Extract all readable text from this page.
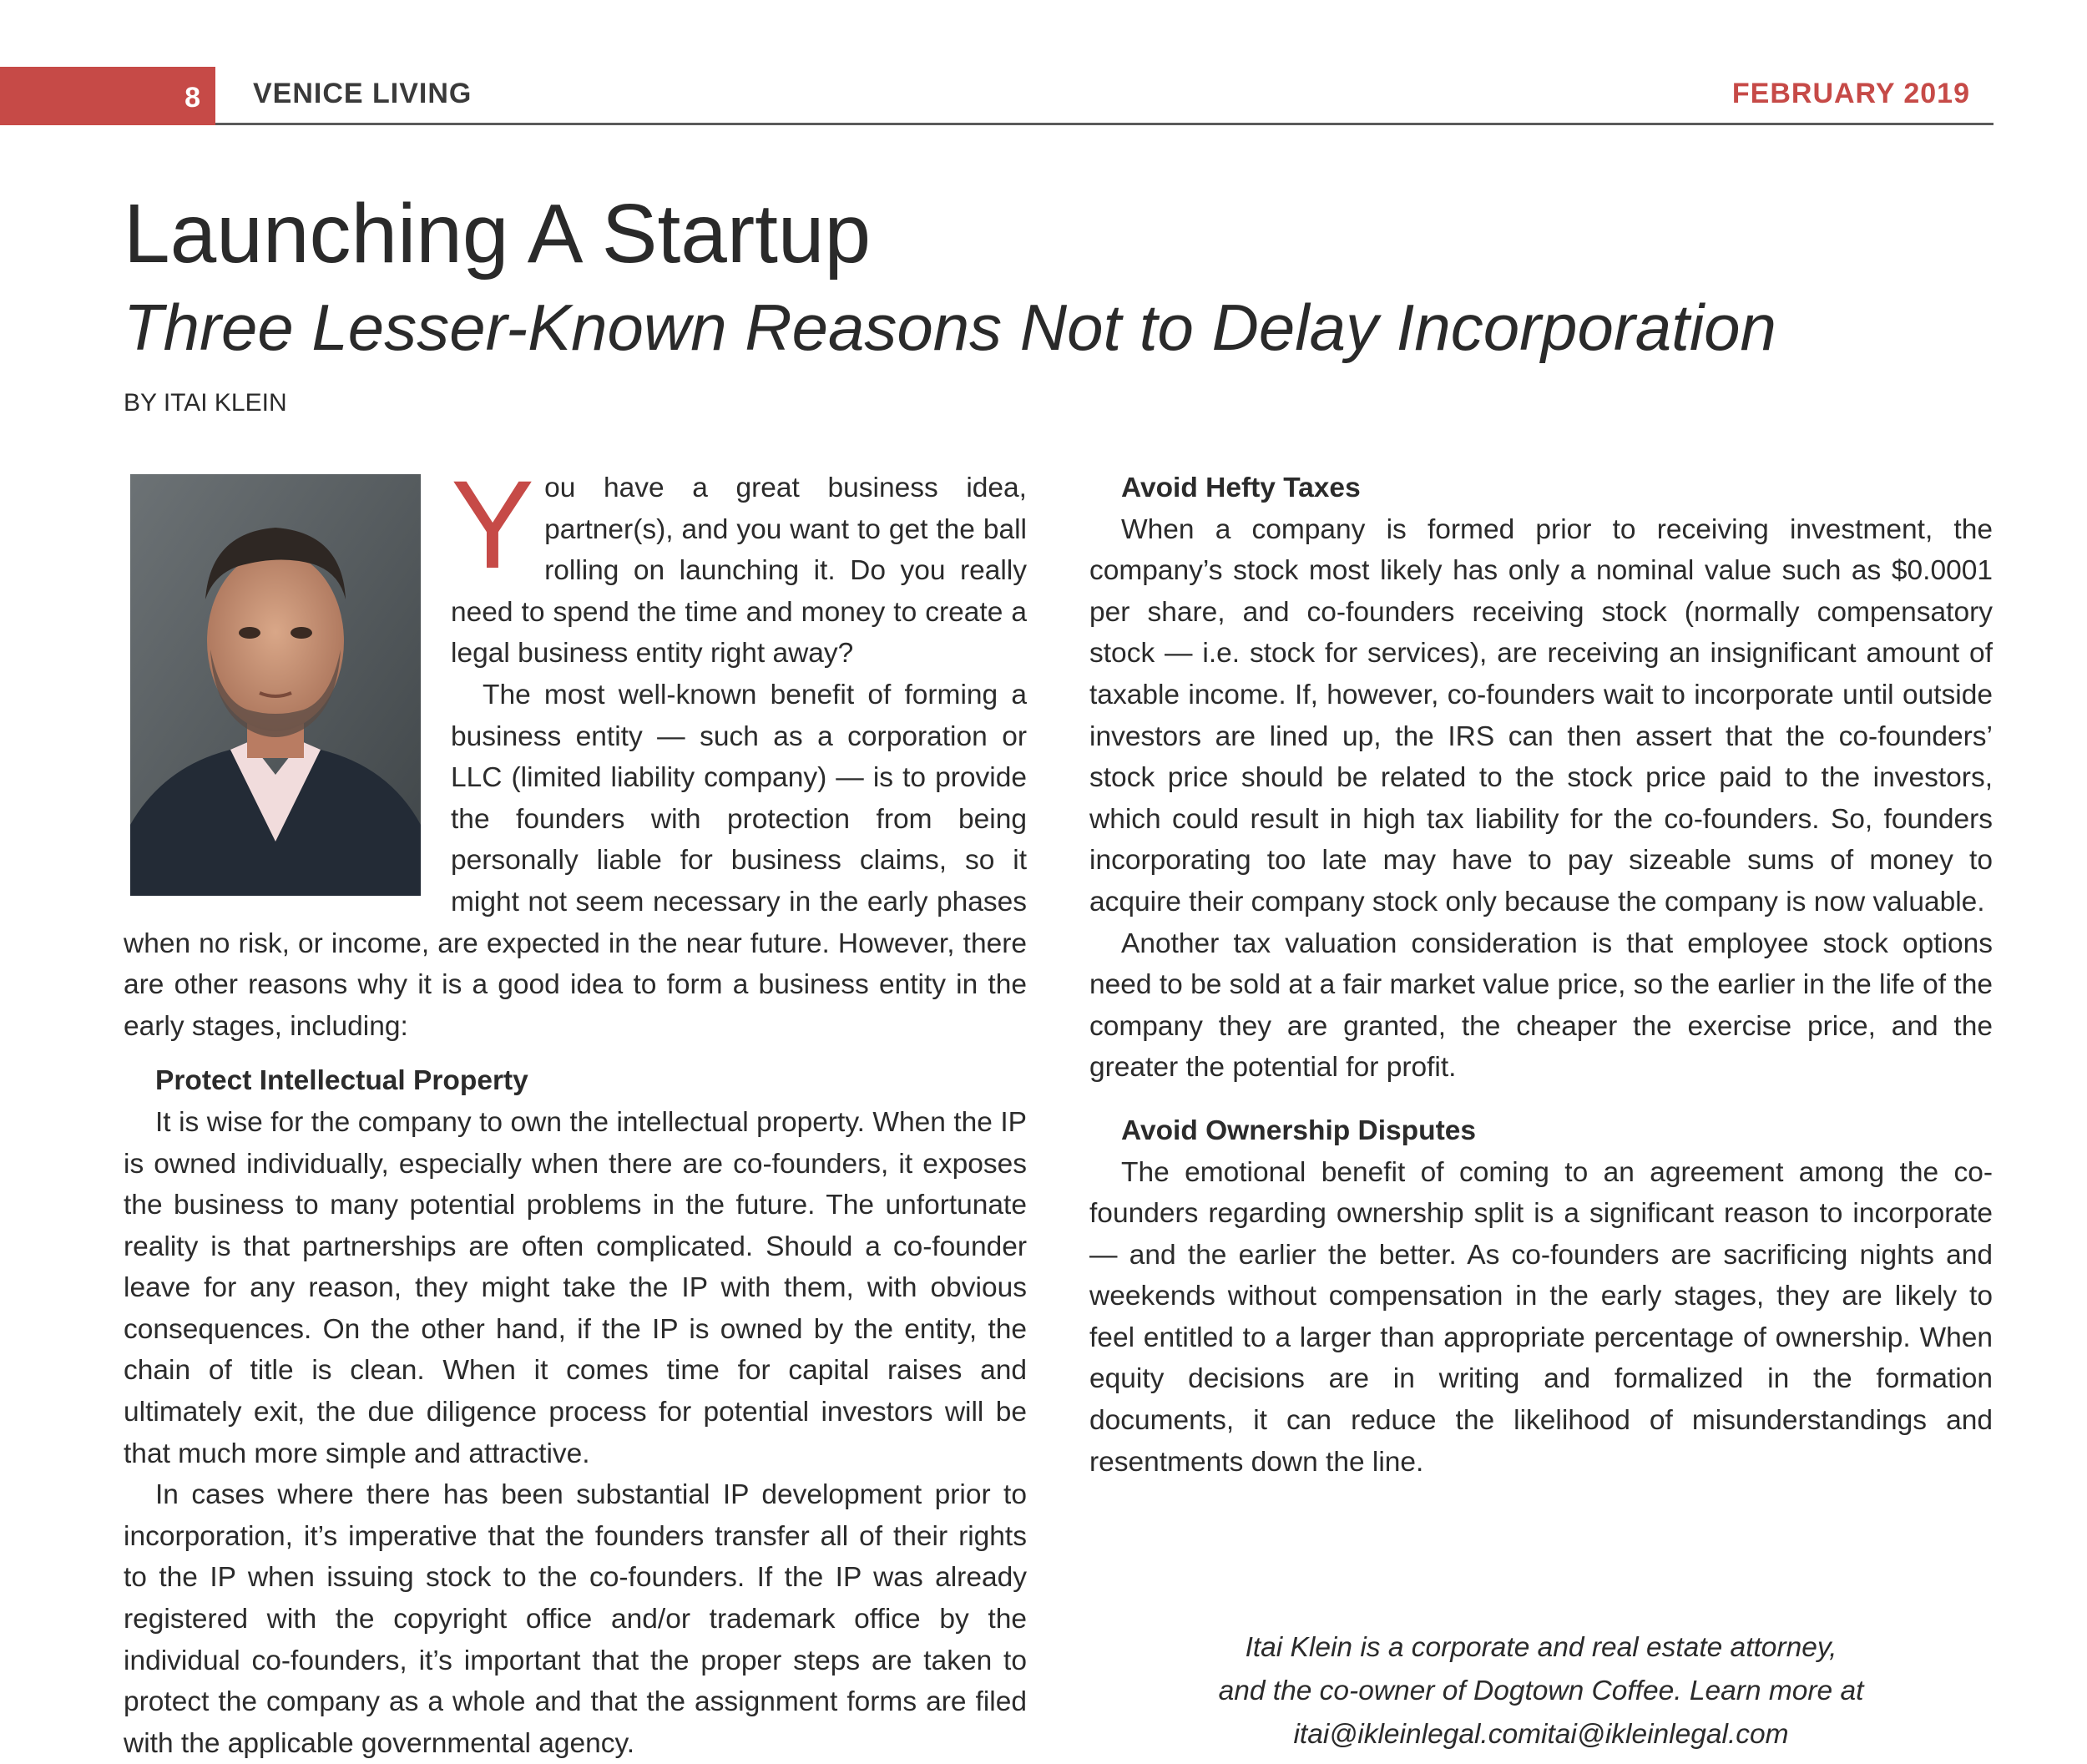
8 VENICE LIVING	FEBRUARY 2019
Launching A Startup
Three Lesser-Known Reasons Not to Delay Incorporation
BY ITAI KLEIN
Y ou have a great business idea, partner(s), and you want to get the ball rolling on launching it. Do you really need to spend the time and money to create a legal business entity right away?

The most well-known benefit of forming a business entity — such as a corporation or LLC (limited liability company) — is to provide the founders with protection from being personally liable for business claims, so it might not seem necessary in the early phases when no risk, or income, are expected in the near future. However, there are other reasons why it is a good idea to form a business entity in the early stages, including:

Protect Intellectual Property

It is wise for the company to own the intellectual property. When the IP is owned individually, especially when there are co-founders, it exposes the business to many potential problems in the future. The unfortunate reality is that partnerships are often complicated. Should a co-founder leave for any reason, they might take the IP with them, with obvious consequences. On the other hand, if the IP is owned by the entity, the chain of title is clean. When it comes time for capital raises and ultimately exit, the due diligence process for potential investors will be that much more simple and attractive.

In cases where there has been substantial IP development prior to incorporation, it’s imperative that the founders transfer all of their rights to the IP when issuing stock to the co-founders. If the IP was already registered with the copyright office and/or trademark office by the individual co-founders, it’s important that the proper steps are taken to protect the company as a whole and that the assignment forms are filed with the applicable governmental agency.

Avoid Hefty Taxes

When a company is formed prior to receiving investment, the company’s stock most likely has only a nominal value such as $0.0001 per share, and co-founders receiving stock (normally compensatory stock — i.e. stock for services), are receiving an insignificant amount of taxable income. If, however, co-founders wait to incorporate until outside investors are lined up, the IRS can then assert that the co-founders’ stock price should be related to the stock price paid to the investors, which could result in high tax liability for the co-founders. So, founders incorporating too late may have to pay sizeable sums of money to acquire their company stock only because the company is now valuable.

Another tax valuation consideration is that employee stock options need to be sold at a fair market value price, so the earlier in the life of the company they are granted, the cheaper the exercise price, and the greater the potential for profit.

Avoid Ownership Disputes

The emotional benefit of coming to an agreement among the co-founders regarding ownership split is a significant reason to incorporate — and the earlier the better. As co-founders are sacrificing nights and weekends without compensation in the early stages, they are likely to feel entitled to a larger than appropriate percentage of ownership. When equity decisions are in writing and formalized in the formation documents, it can reduce the likelihood of misunderstandings and resentments down the line.

Itai Klein is a corporate and real estate attorney,
and the co-owner of Dogtown Coffee. Learn more at
itai@ikleinlegal.comitai@ikleinlegal.com
